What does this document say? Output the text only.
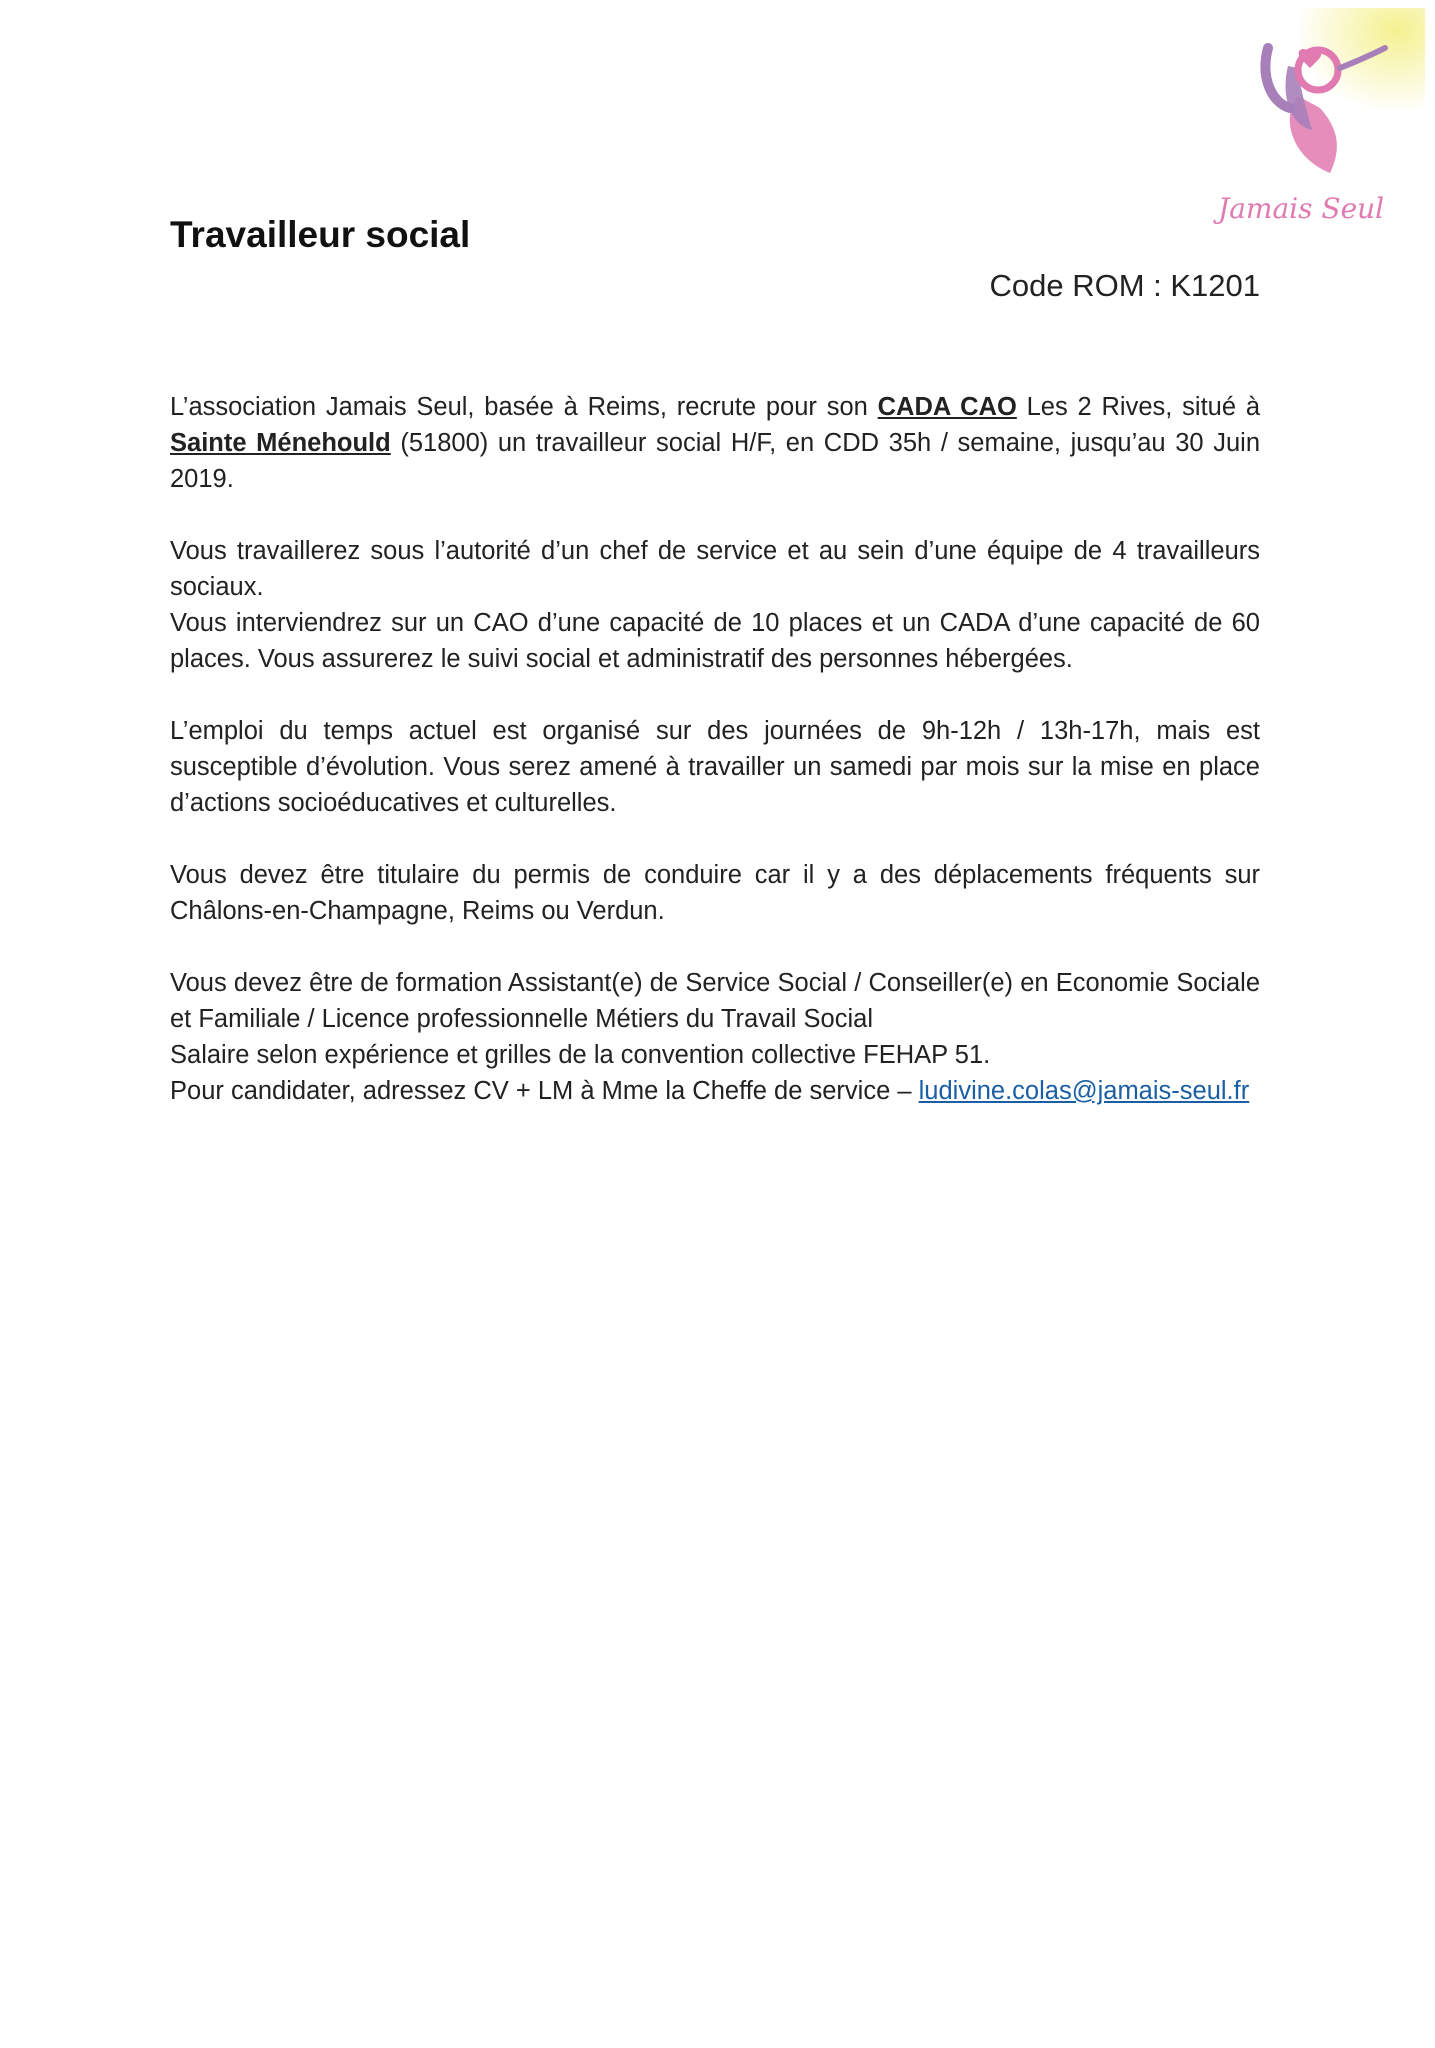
Jamais Seul
Travailleur social
Code ROM : K1201

L’association Jamais Seul, basée à Reims, recrute pour son CADA CAO Les 2 Rives, situé à Sainte Ménehould (51800) un travailleur social H/F, en CDD 35h / semaine, jusqu’au 30 Juin 2019.

Vous travaillerez sous l’autorité d’un chef de service et au sein d’une équipe de 4 travailleurs sociaux.
Vous interviendrez sur un CAO d’une capacité de 10 places et un CADA d’une capacité de 60 places. Vous assurerez le suivi social et administratif des personnes hébergées.

L’emploi du temps actuel est organisé sur des journées de 9h-12h / 13h-17h, mais est susceptible d’évolution. Vous serez amené à travailler un samedi par mois sur la mise en place d’actions socioéducatives et culturelles.

Vous devez être titulaire du permis de conduire car il y a des déplacements fréquents sur Châlons-en-Champagne, Reims ou Verdun.

Vous devez être de formation Assistant(e) de Service Social / Conseiller(e) en Economie Sociale et Familiale / Licence professionnelle Métiers du Travail Social
Salaire selon expérience et grilles de la convention collective FEHAP 51.
Pour candidater, adressez CV + LM à Mme la Cheffe de service – ludivine.colas@jamais-seul.fr
